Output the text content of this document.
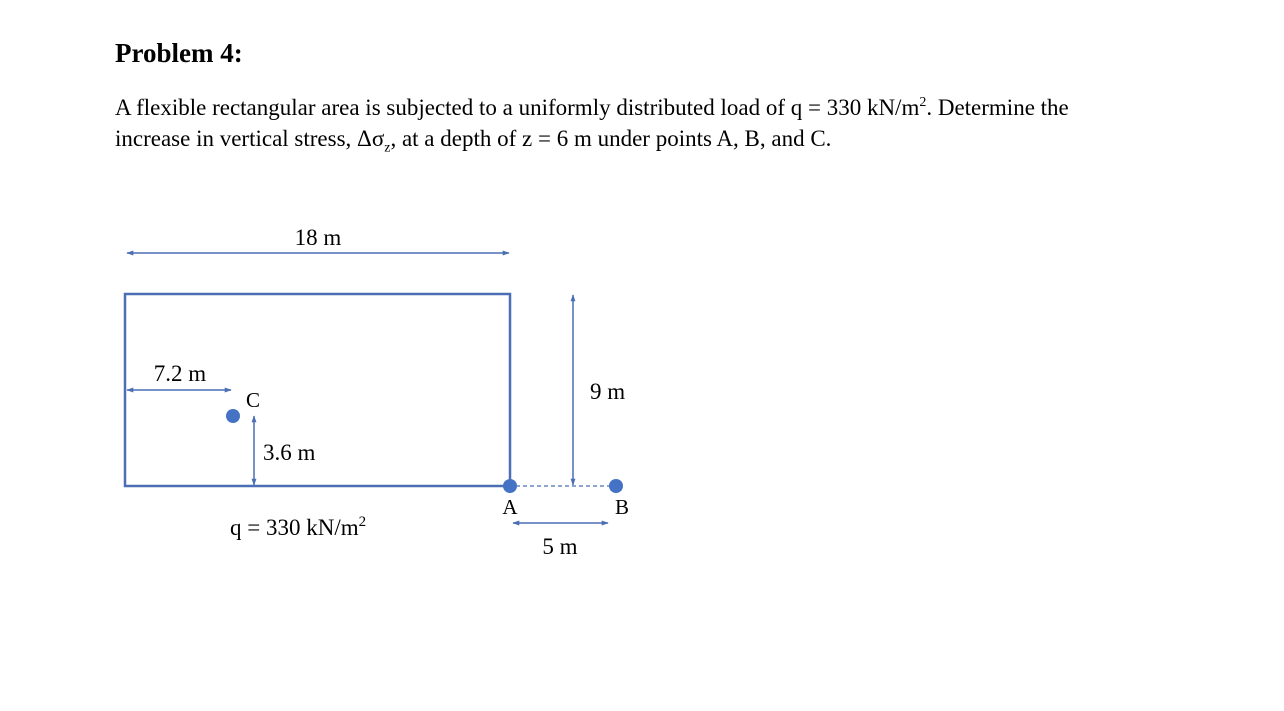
Problem 4:
A flexible rectangular area is subjected to a uniformly distributed load of q = 330 $kN/m^2$. Determine the
increase in vertical stress, $\Delta\sigma_z$, at a depth of z = 6 m under points A, B, and C.
18 m
7.2 m
C
3.6 m
9 m
A	B
5 m
q = 330 $kN/m^2$
